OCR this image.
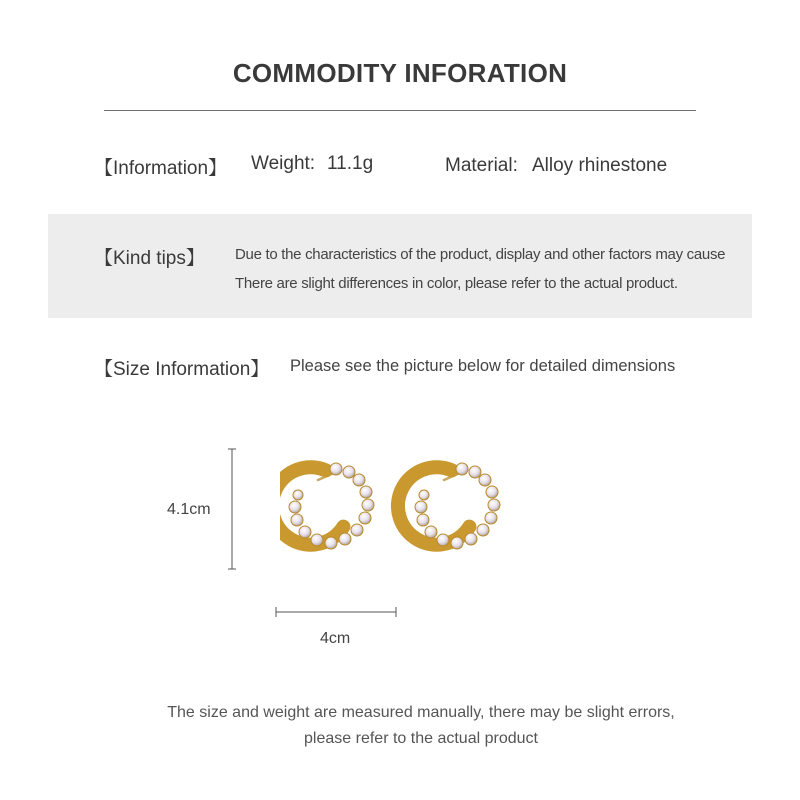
COMMODITY INFORATION
【Information】 Weight: 11.1g	Material: Alloy rhinestone
【Kind tips】 Due to the characteristics of the product, display and other factors may cause
There are slight differences in color, please refer to the actual product.
【Size Information】 Please see the picture below for detailed dimensions
4.1cm
4cm
The size and weight are measured manually, there may be slight errors,
please refer to the actual product
